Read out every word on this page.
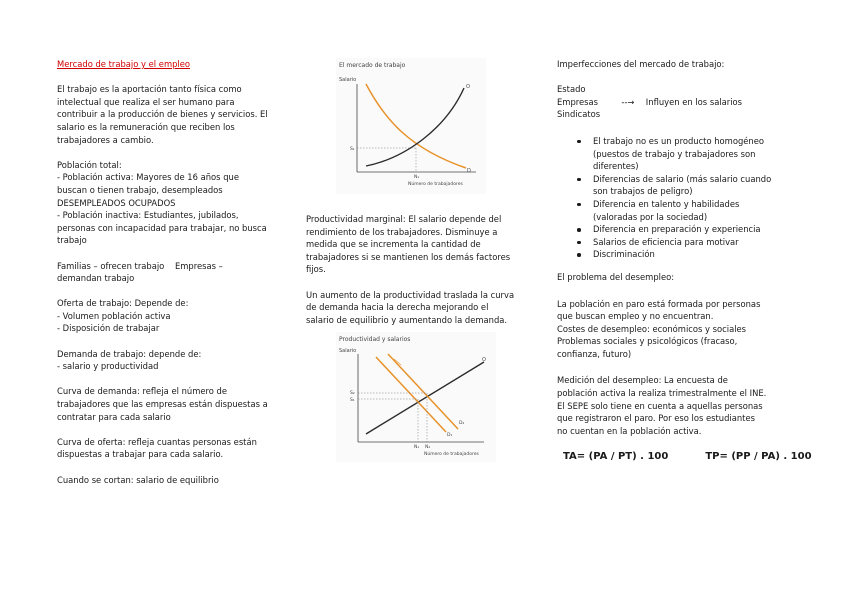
Mercado de trabajo y el empleo

El trabajo es la aportación tanto física como

intelectual que realiza el ser humano para

contribuir a la producción de bienes y servicios. El

salario es la remuneración que reciben los

trabajadores a cambio.

Población total:

- Población activa: Mayores de 16 años que

buscan o tienen trabajo, desempleados

DESEMPLEADOS OCUPADOS

- Población inactiva: Estudiantes, jubilados,

personas con incapacidad para trabajar, no busca

trabajo

Familias – ofrecen trabajo    Empresas –

demandan trabajo

Oferta de trabajo: Depende de:

- Volumen población activa

- Disposición de trabajar

Demanda de trabajo: depende de:

- salario y productividad

Curva de demanda: refleja el número de

trabajadores que las empresas están dispuestas a

contratar para cada salario

Curva de oferta: refleja cuantas personas están

dispuestas a trabajar para cada salario.

Cuando se cortan: salario de equilibrio

El mercado de trabajo
Salario
S₁
N₁
Número de trabajadores
O
D

Productividad marginal: El salario depende del

rendimiento de los trabajadores. Disminuye a

medida que se incrementa la cantidad de

trabajadores si se mantienen los demás factores

fijos.

Un aumento de la productividad traslada la curva

de demanda hacia la derecha mejorando el

salario de equilibrio y aumentando la demanda.

Productividad y salarios
Salario
S₂
S₁
N₁ N₂
Número de trabajadores
O
D₁
D₂

Imperfecciones del mercado de trabajo:

Estado

Empresas	--→ Influyen en los salarios

Sindicatos

El trabajo no es un producto homogéneo
(puestos de trabajo y trabajadores son
diferentes)
Diferencias de salario (más salario cuando
son trabajos de peligro)
Diferencia en talento y habilidades
(valoradas por la sociedad)
Diferencia en preparación y experiencia
Salarios de eficiencia para motivar
Discriminación

El problema del desempleo:

La población en paro está formada por personas

que buscan empleo y no encuentran.

Costes de desempleo: económicos y sociales

Problemas sociales y psicológicos (fracaso,

confianza, futuro)

Medición del desempleo: La encuesta de

población activa la realiza trimestralmente el INE.

El SEPE solo tiene en cuenta a aquellas personas

que registraron el paro. Por eso los estudiantes

no cuentan en la población activa.

TA= (PA / PT) . 100	TP= (PP / PA) . 100
